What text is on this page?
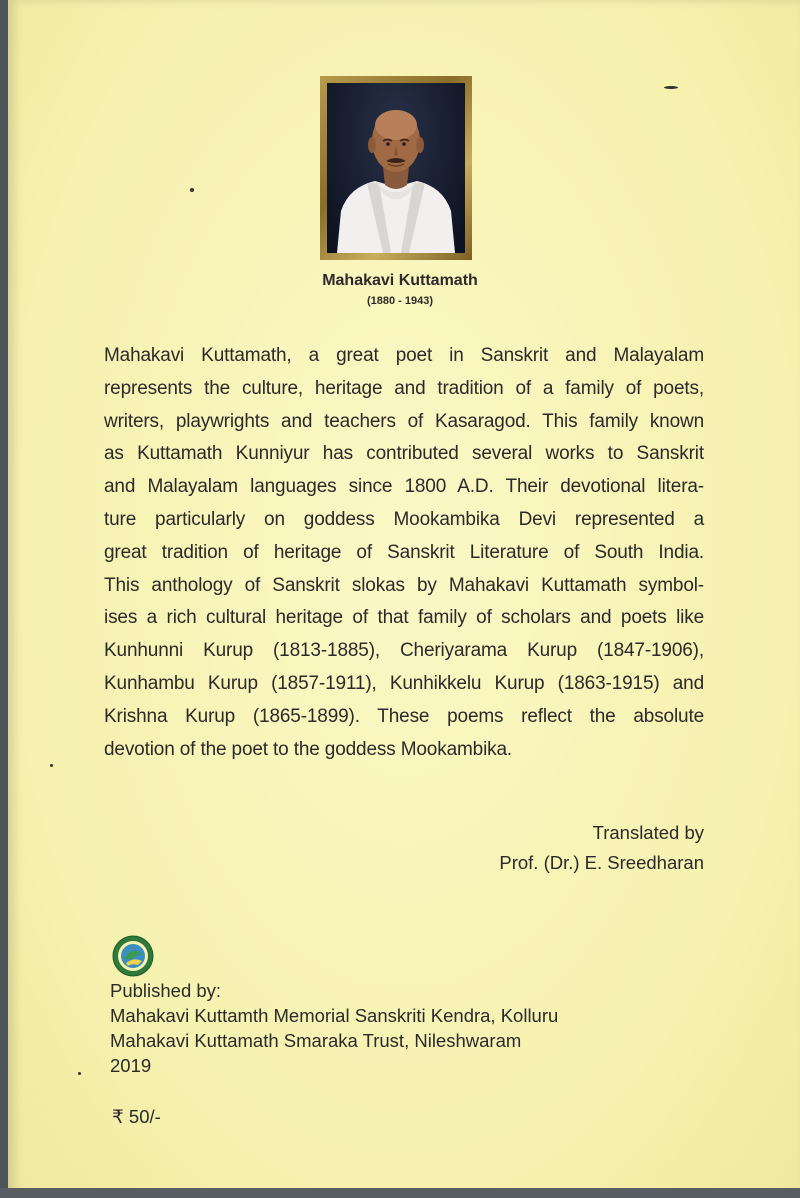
Mahakavi Kuttamath
(1880 - 1943)
Mahakavi Kuttamath, a great poet in Sanskrit and Malayalam
represents the culture, heritage and tradition of a family of poets,
writers, playwrights and teachers of Kasaragod. This family known
as Kuttamath Kunniyur has contributed several works to Sanskrit
and Malayalam languages since 1800 A.D. Their devotional litera-
ture particularly on goddess Mookambika Devi represented a
great tradition of heritage of Sanskrit Literature of South India.
This anthology of Sanskrit slokas by Mahakavi Kuttamath symbol-
ises a rich cultural heritage of that family of scholars and poets like
Kunhunni Kurup (1813-1885), Cheriyarama Kurup (1847-1906),
Kunhambu Kurup (1857-1911), Kunhikkelu Kurup (1863-1915) and
Krishna Kurup (1865-1899). These poems reflect the absolute
devotion of the poet to the goddess Mookambika.
Translated by
Prof. (Dr.) E. Sreedharan
Published by:
Mahakavi Kuttamth Memorial Sanskriti Kendra, Kolluru
Mahakavi Kuttamath Smaraka Trust, Nileshwaram
2019
₹ 50/-
